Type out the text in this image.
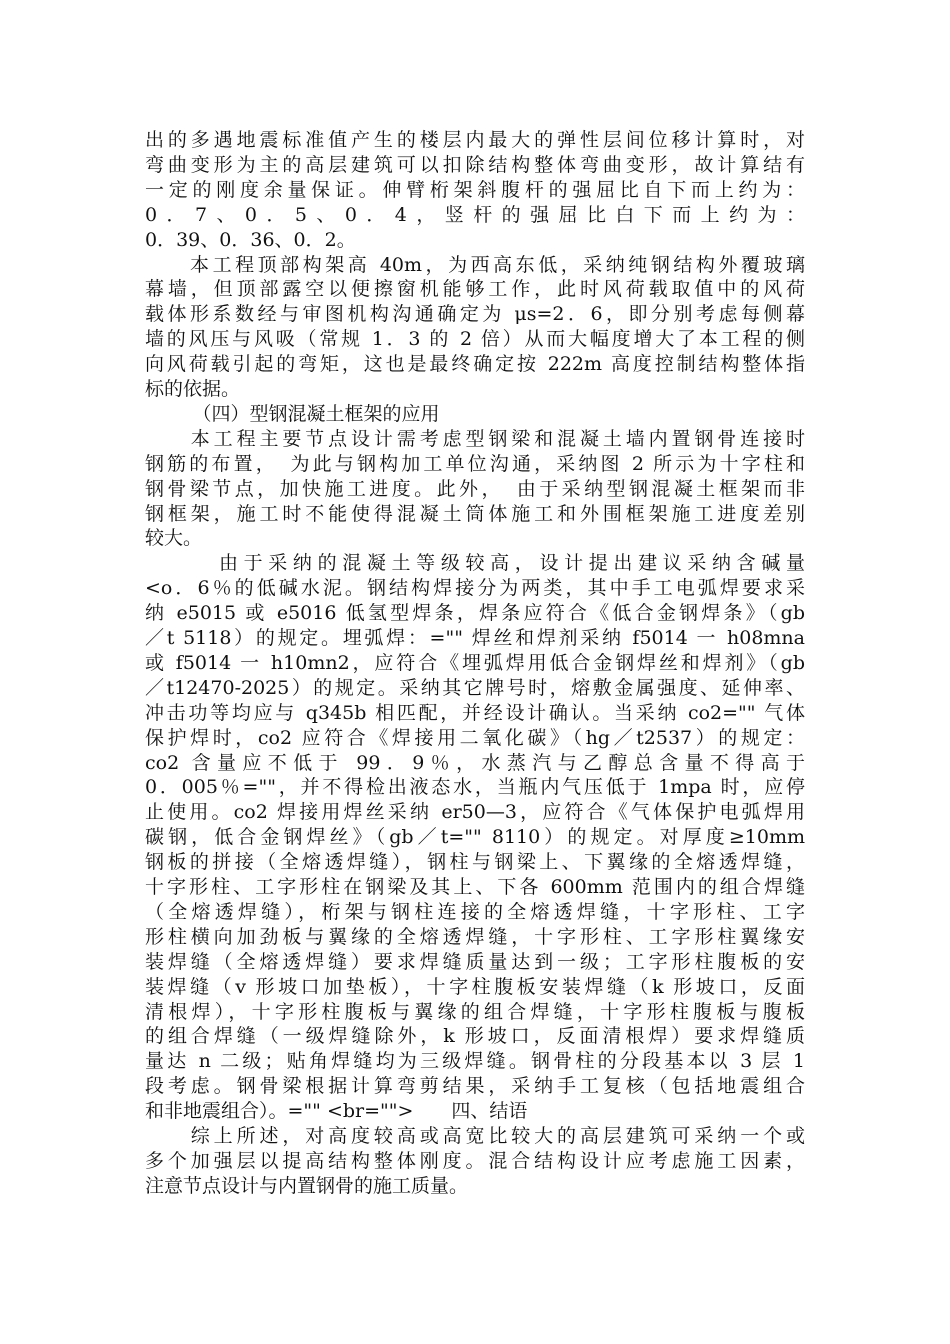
出的多遇地震标准值产生的楼层内最大的弹性层间位移计算时，对
弯曲变形为主的高层建筑可以扣除结构整体弯曲变形，故计算结有
一定的刚度余量保证。伸臂桁架斜腹杆的强屈比自下而上约为：
0．7、0．5、0．4，竖杆的强屈比白下而上约为：
0．39、0．36、0．2。
　　本工程顶部构架高 40m，为西高东低，采纳纯钢结构外覆玻璃
幕墙，但顶部露空以便擦窗机能够工作，此时风荷载取值中的风荷
载体形系数经与审图机构沟通确定为 μs=2．6，即分别考虑每侧幕
墙的风压与风吸（常规 1．3 的 2 倍）从而大幅度增大了本工程的侧
向风荷载引起的弯矩，这也是最终确定按 222m 高度控制结构整体指
标的依据。
　　　（四）型钢混凝土框架的应用
　　本工程主要节点设计需考虑型钢梁和混凝土墙内置钢骨连接时
钢筋的布置，　为此与钢构加工单位沟通，采纳图 2 所示为十字柱和
钢骨梁节点，加快施工进度。此外，　由于采纳型钢混凝土框架而非
钢框架，施工时不能使得混凝土筒体施工和外围框架施工进度差别
较大。
　　　由于采纳的混凝土等级较高，设计提出建议采纳含碱量
<o．6％的低碱水泥。钢结构焊接分为两类，其中手工电弧焊要求采
纳 e5015 或 e5016 低氢型焊条，焊条应符合《低合金钢焊条》（gb
／t 5118）的规定。埋弧焊：="" 焊丝和焊剂采纳 f5014 一 h08mna
或 f5014 一 h10mn2，应符合《埋弧焊用低合金钢焊丝和焊剂》（gb
／t12470-2025）的规定。采纳其它牌号时，熔敷金属强度、延伸率、
冲击功等均应与 q345b 相匹配，并经设计确认。当采纳 co2="" 气体
保护焊时，co2 应符合《焊接用二氧化碳》（hg／t2537）的规定：
co2 含量应不低于 99．9％，水蒸汽与乙醇总含量不得高于
0．005％=""，并不得检出液态水，当瓶内气压低于 1mpa 时，应停
止使用。co2 焊接用焊丝采纳 er50—3，应符合《气体保护电弧焊用
碳钢，低合金钢焊丝》（gb／t="" 8110）的规定。对厚度≥10mm
钢板的拼接（全熔透焊缝），钢柱与钢梁上、下翼缘的全熔透焊缝，
十字形柱、工字形柱在钢梁及其上、下各 600mm 范围内的组合焊缝
（全熔透焊缝），桁架与钢柱连接的全熔透焊缝，十字形柱、工字
形柱横向加劲板与翼缘的全熔透焊缝，十字形柱、工字形柱翼缘安
装焊缝（全熔透焊缝）要求焊缝质量达到一级；工字形柱腹板的安
装焊缝（v 形坡口加垫板），十字柱腹板安装焊缝（k 形坡口，反面
清根焊），十字形柱腹板与翼缘的组合焊缝，十字形柱腹板与腹板
的组合焊缝（一级焊缝除外，k 形坡口，反面清根焊）要求焊缝质
量达 n 二级；贴角焊缝均为三级焊缝。钢骨柱的分段基本以 3 层 1
段考虑。钢骨梁根据计算弯剪结果，采纳手工复核（包括地震组合
和非地震组合）。="" <br="">　　四、结语
　　综上所述，对高度较高或高宽比较大的高层建筑可采纳一个或
多个加强层以提高结构整体刚度。混合结构设计应考虑施工因素，
注意节点设计与内置钢骨的施工质量。
